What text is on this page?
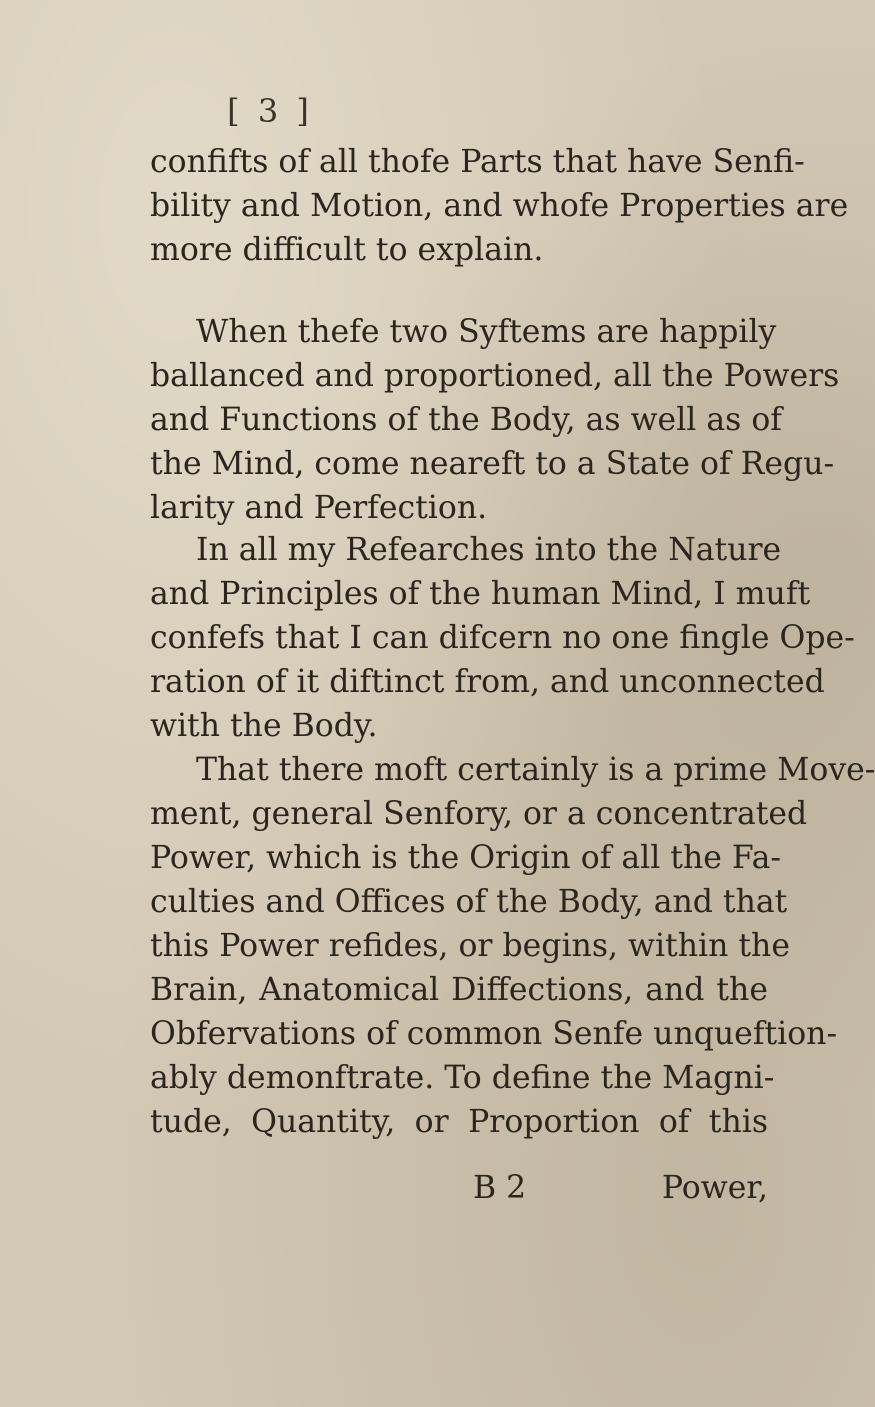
[ 3 ]
confifts of all thofe Parts that have Senfi-
bility and Motion, and whofe Properties are
more difficult to explain.
When thefe two Syftems are happily
ballanced and proportioned, all the Powers
and Functions of the Body, as well as of
the Mind, come neareft to a State of Regu-
larity and Perfection.
In all my Refearches into the Nature
and Principles of the human Mind, I muft
confefs that I can difcern no one fingle Ope-
ration of it diftinct from, and unconnected
with the Body.
That there moft certainly is a prime Move-
ment, general Senfory, or a concentrated
Power, which is the Origin of all the Fa-
culties and Offices of the Body, and that
this Power refides, or begins, within the
Brain, Anatomical Diffections, and the
Obfervations of common Senfe unqueftion-
ably demonftrate. To define the Magni-
tude, Quantity, or Proportion of this
B 2	Power,
